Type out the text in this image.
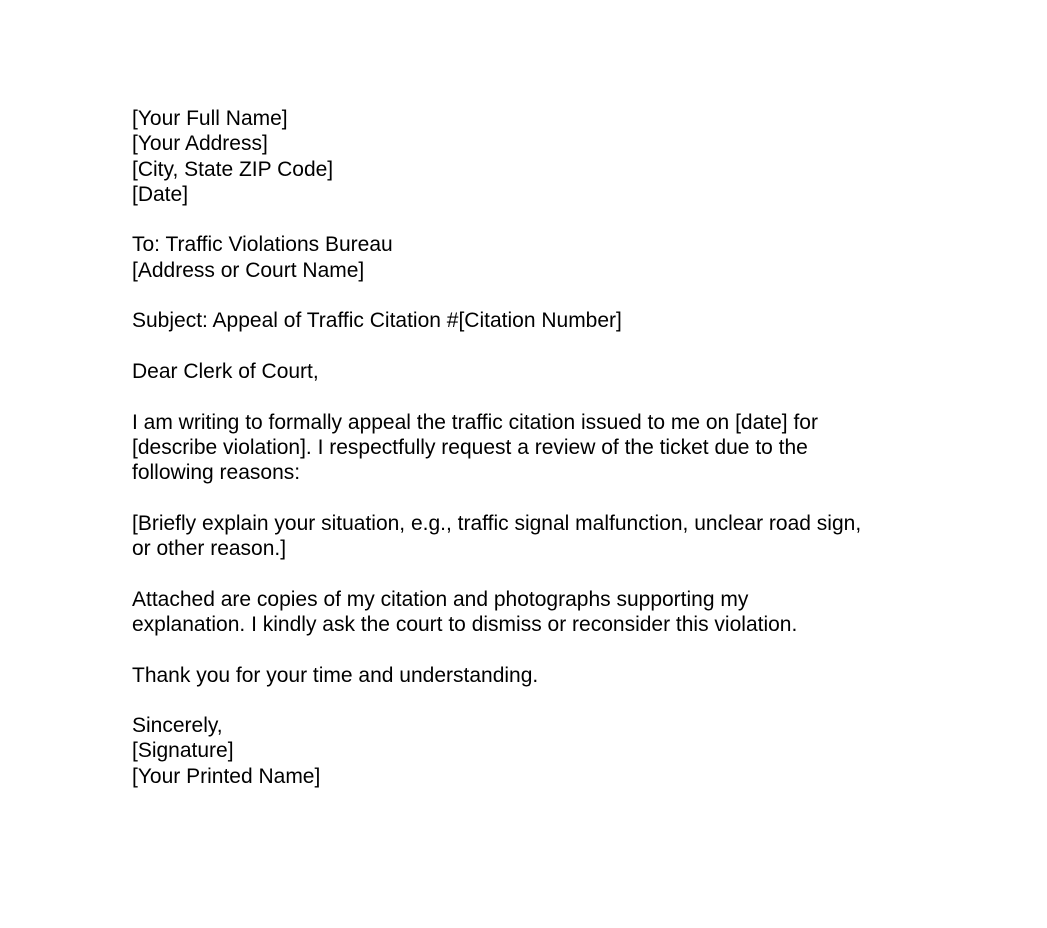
[Your Full Name]
[Your Address]
[City, State ZIP Code]
[Date]
To: Traffic Violations Bureau
[Address or Court Name]
Subject: Appeal of Traffic Citation #[Citation Number]
Dear Clerk of Court,
I am writing to formally appeal the traffic citation issued to me on [date] for
[describe violation]. I respectfully request a review of the ticket due to the
following reasons:
[Briefly explain your situation, e.g., traffic signal malfunction, unclear road sign,
or other reason.]
Attached are copies of my citation and photographs supporting my
explanation. I kindly ask the court to dismiss or reconsider this violation.
Thank you for your time and understanding.
Sincerely,
[Signature]
[Your Printed Name]
